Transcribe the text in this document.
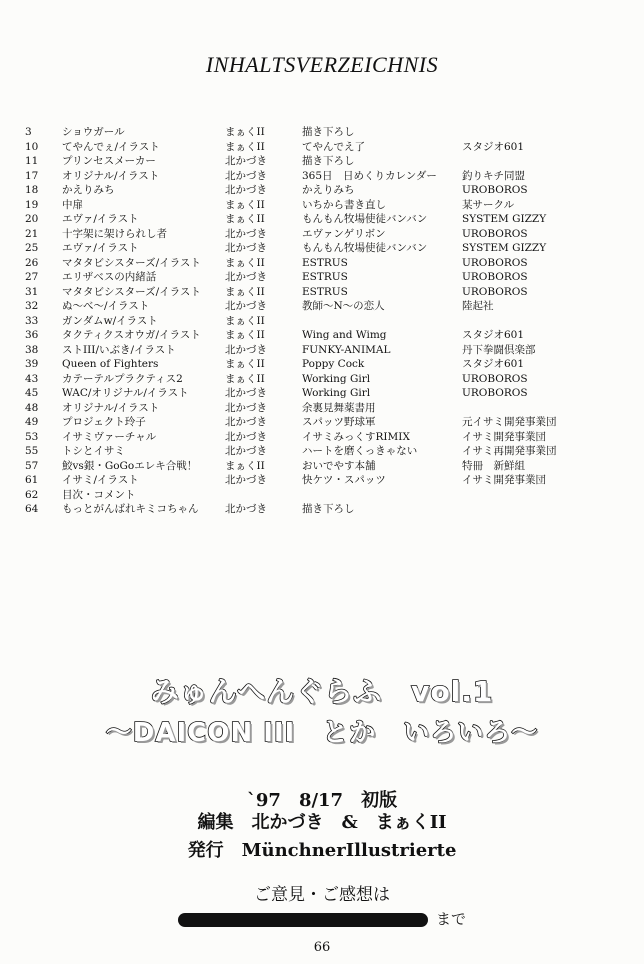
INHALTSVERZEICHNIS
3	ショウガール	まぁくII	描き下ろし
10	てやんでぇ/イラスト	まぁくII	てやんでえ了	スタジオ601
11	プリンセスメーカー	北かづき	描き下ろし
17	オリジナル/イラスト	北かづき	365日　日めくりカレンダー	釣りキチ同盟
18	かえりみち	北かづき	かえりみち	UROBOROS
19	中扉	まぁくII	いちから書き直し	某サークル
20	エヴァ/イラスト	まぁくII	もんもん牧場使徒バンバン	SYSTEM GIZZY
21	十字架に架けられし者	北かづき	エヴァンゲリボン	UROBOROS
25	エヴァ/イラスト	北かづき	もんもん牧場使徒バンバン	SYSTEM GIZZY
26	マタタビシスターズ/イラスト	まぁくII	ESTRUS	UROBOROS
27	エリザベスの内緒話	北かづき	ESTRUS	UROBOROS
31	マタタビシスターズ/イラスト	まぁくII	ESTRUS	UROBOROS
32	ぬ〜べ〜/イラスト	北かづき	教師〜N〜の恋人	陸起社
33	ガンダムw/イラスト	まぁくII
36	タクティクスオウガ/イラスト	まぁくII	Wing and Wimg	スタジオ601
38	ストIII/いぶき/イラスト	北かづき	FUNKY-ANIMAL	丹下拳闘倶楽部
39	Queen of Fighters	まぁくII	Poppy Cock	スタジオ601
43	カテーテルプラクティス2	まぁくII	Working Girl	UROBOROS
45	WAC/オリジナル/イラスト	北かづき	Working Girl	UROBOROS
48	オリジナル/イラスト	北かづき	余裏見舞薬書用
49	プロジェクト玲子	北かづき	スパッツ野球軍	元イサミ開発事業団
53	イサミヴァーチャル	北かづき	イサミみっくすRIMIX	イサミ開発事業団
55	トシとイサミ	北かづき	ハートを磨くっきゃない	イサミ再開発事業団
57	鮫vs銀・GoGoエレキ合戦！	まぁくII	おいでやす本舗	特冊　新鮮組
61	イサミ/イラスト	北かづき	快ケツ・スパッツ	イサミ開発事業団
62	目次・コメント
64	もっとがんばれキミコちゃん	北かづき	描き下ろし
みゅんへんぐらふ　vol.1
〜DAICON III　とか　いろいろ〜
`97　8/17　初版
編集　北かづき　&　まぁくII
発行　MünchnerIllustrierte
ご意見・ご感想は
まで
66
